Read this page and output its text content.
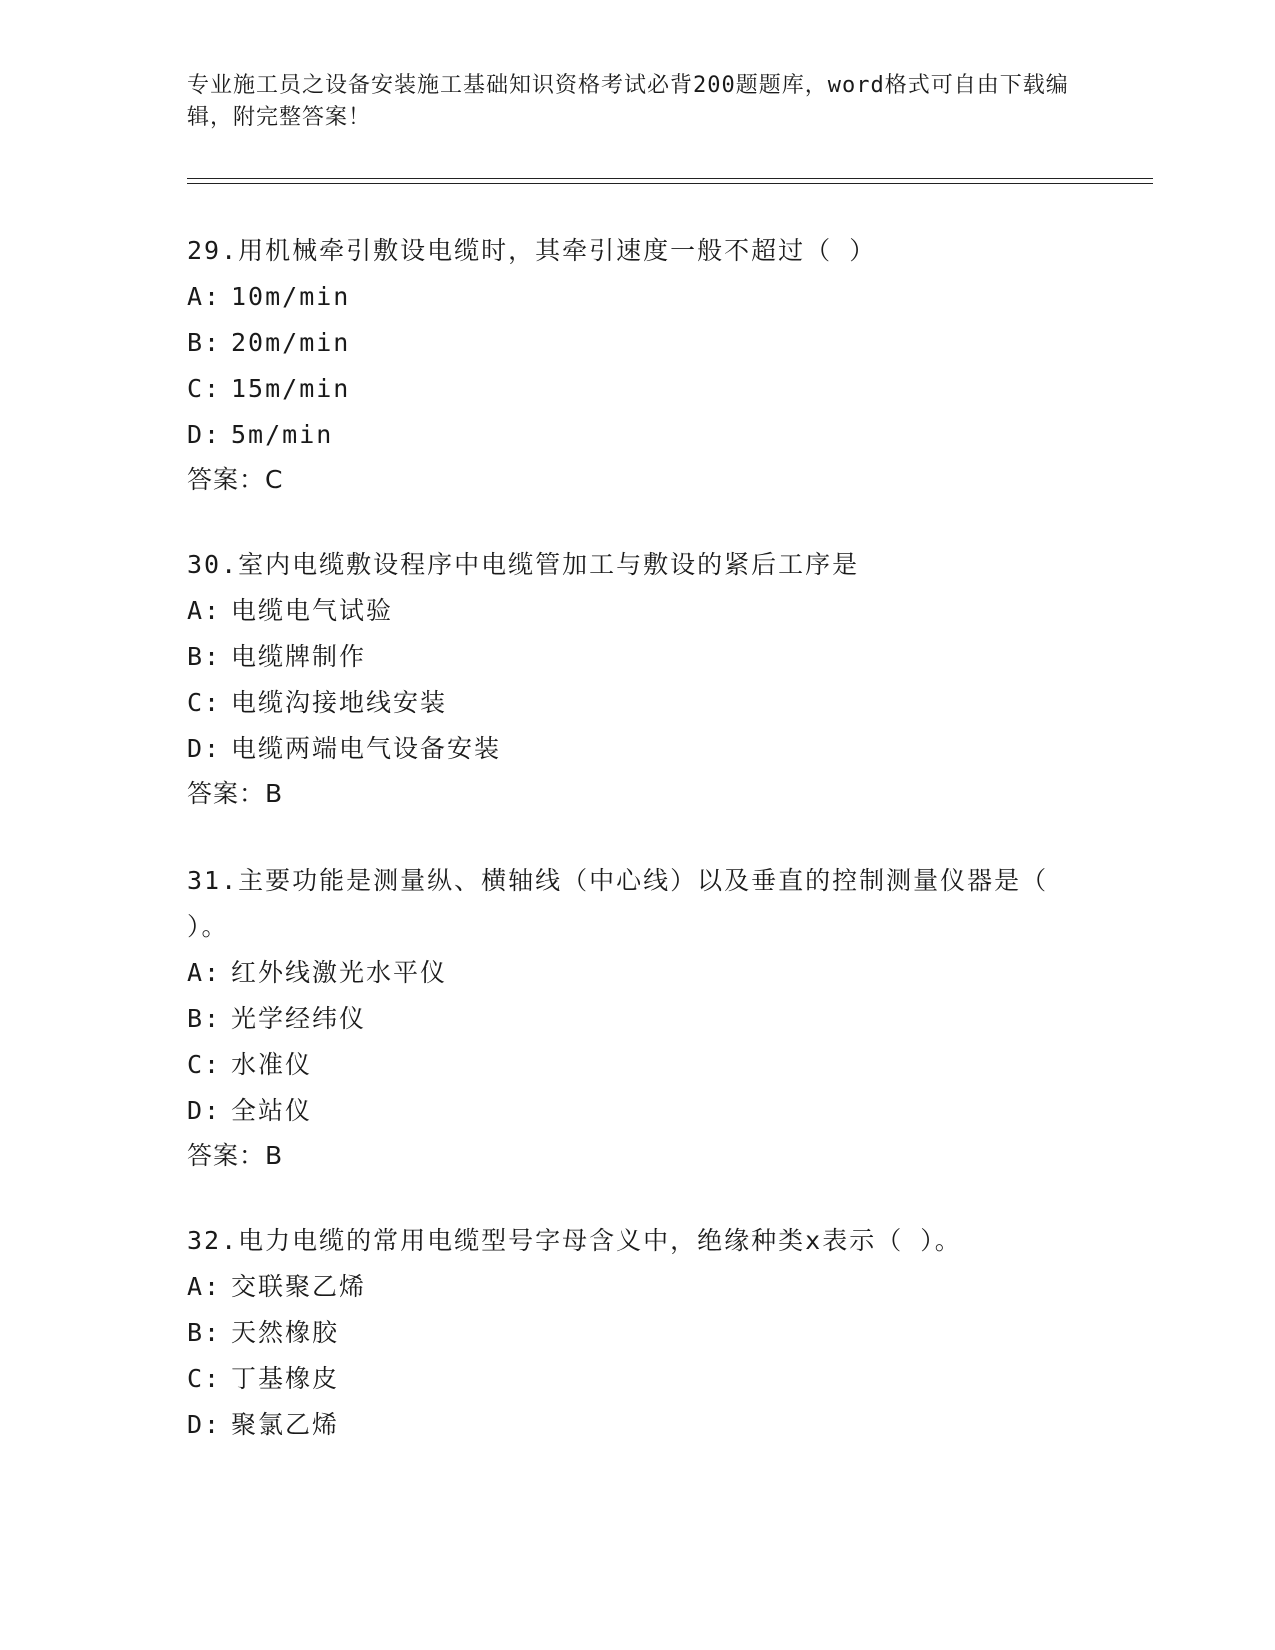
专业施工员之设备安装施工基础知识资格考试必背200题题库，word格式可自由下载编辑，附完整答案！

29.用机械牵引敷设电缆时，其牵引速度一般不超过（ ）

A: 10m/min

B: 20m/min

C: 15m/min

D: 5m/min

答案：C

30.室内电缆敷设程序中电缆管加工与敷设的紧后工序是

A: 电缆电气试验

B: 电缆牌制作

C: 电缆沟接地线安装

D: 电缆两端电气设备安装

答案：B

31.主要功能是测量纵、横轴线（中心线）以及垂直的控制测量仪器是（ ）。

A: 红外线激光水平仪

B: 光学经纬仪

C: 水准仪

D: 全站仪

答案：B

32.电力电缆的常用电缆型号字母含义中，绝缘种类x表示（ ）。

A: 交联聚乙烯

B: 天然橡胶

C: 丁基橡皮

D: 聚氯乙烯
